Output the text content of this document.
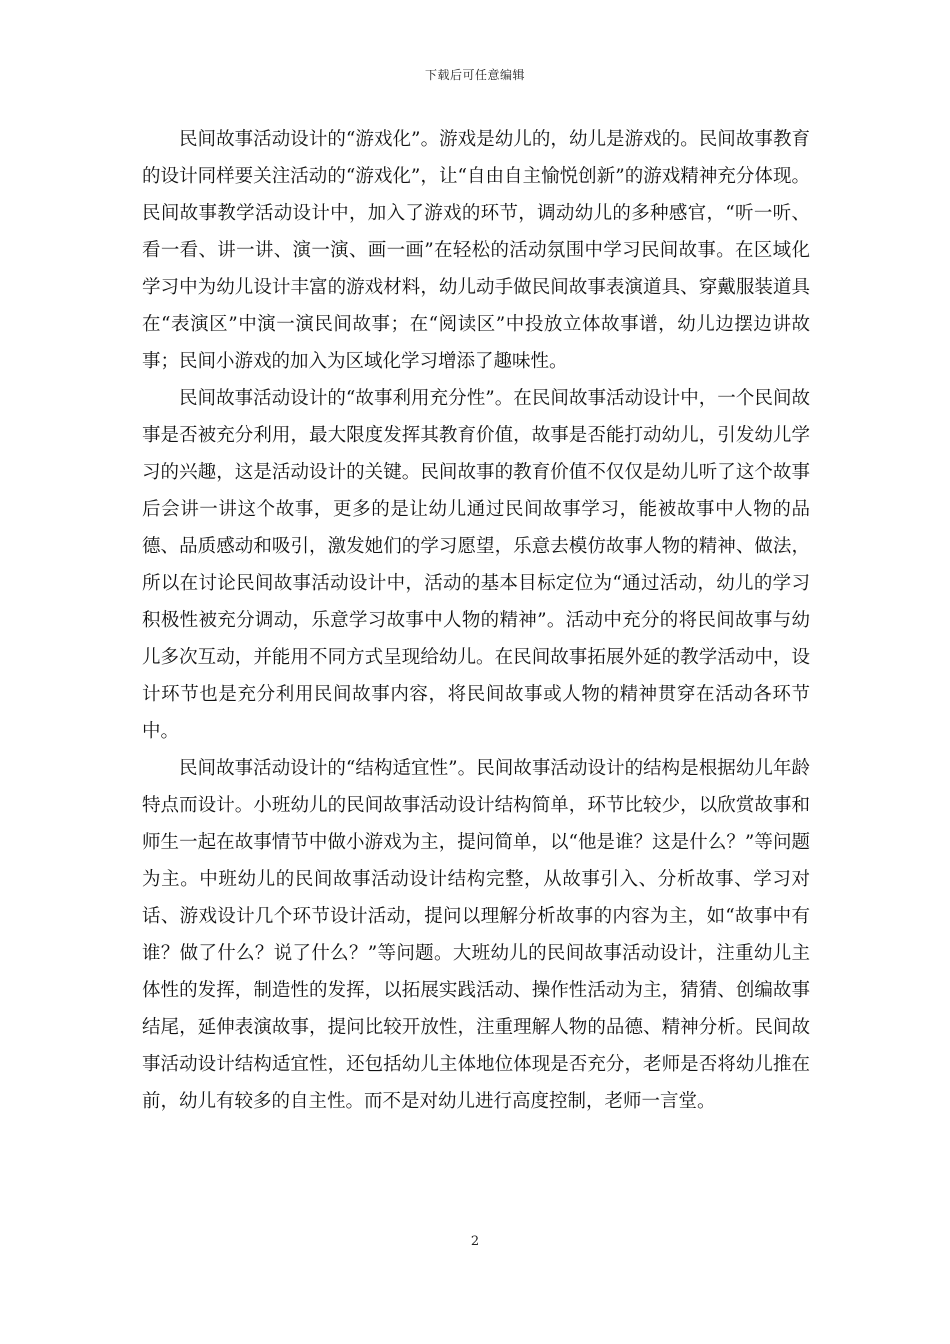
下载后可任意编辑

民间故事活动设计的“游戏化”。游戏是幼儿的，幼儿是游戏的。民间故事教育的设计同样要关注活动的“游戏化”，让“自由自主愉悦创新”的游戏精神充分体现。民间故事教学活动设计中，加入了游戏的环节，调动幼儿的多种感官，“听一听、看一看、讲一讲、演一演、画一画”在轻松的活动氛围中学习民间故事。在区域化学习中为幼儿设计丰富的游戏材料，幼儿动手做民间故事表演道具、穿戴服装道具在“表演区”中演一演民间故事；在“阅读区”中投放立体故事谱，幼儿边摆边讲故事；民间小游戏的加入为区域化学习增添了趣味性。

民间故事活动设计的“故事利用充分性”。在民间故事活动设计中，一个民间故事是否被充分利用，最大限度发挥其教育价值，故事是否能打动幼儿，引发幼儿学习的兴趣，这是活动设计的关键。民间故事的教育价值不仅仅是幼儿听了这个故事后会讲一讲这个故事，更多的是让幼儿通过民间故事学习，能被故事中人物的品德、品质感动和吸引，激发她们的学习愿望，乐意去模仿故事人物的精神、做法，所以在讨论民间故事活动设计中，活动的基本目标定位为“通过活动，幼儿的学习积极性被充分调动，乐意学习故事中人物的精神”。活动中充分的将民间故事与幼儿多次互动，并能用不同方式呈现给幼儿。在民间故事拓展外延的教学活动中，设计环节也是充分利用民间故事内容，将民间故事或人物的精神贯穿在活动各环节中。

民间故事活动设计的“结构适宜性”。民间故事活动设计的结构是根据幼儿年龄特点而设计。小班幼儿的民间故事活动设计结构简单，环节比较少，以欣赏故事和师生一起在故事情节中做小游戏为主，提问简单，以“他是谁？这是什么？”等问题为主。中班幼儿的民间故事活动设计结构完整，从故事引入、分析故事、学习对话、游戏设计几个环节设计活动，提问以理解分析故事的内容为主，如“故事中有谁？做了什么？说了什么？”等问题。大班幼儿的民间故事活动设计，注重幼儿主体性的发挥，制造性的发挥，以拓展实践活动、操作性活动为主，猜猜、创编故事结尾，延伸表演故事，提问比较开放性，注重理解人物的品德、精神分析。民间故事活动设计结构适宜性，还包括幼儿主体地位体现是否充分，老师是否将幼儿推在前，幼儿有较多的自主性。而不是对幼儿进行高度控制，老师一言堂。

2
